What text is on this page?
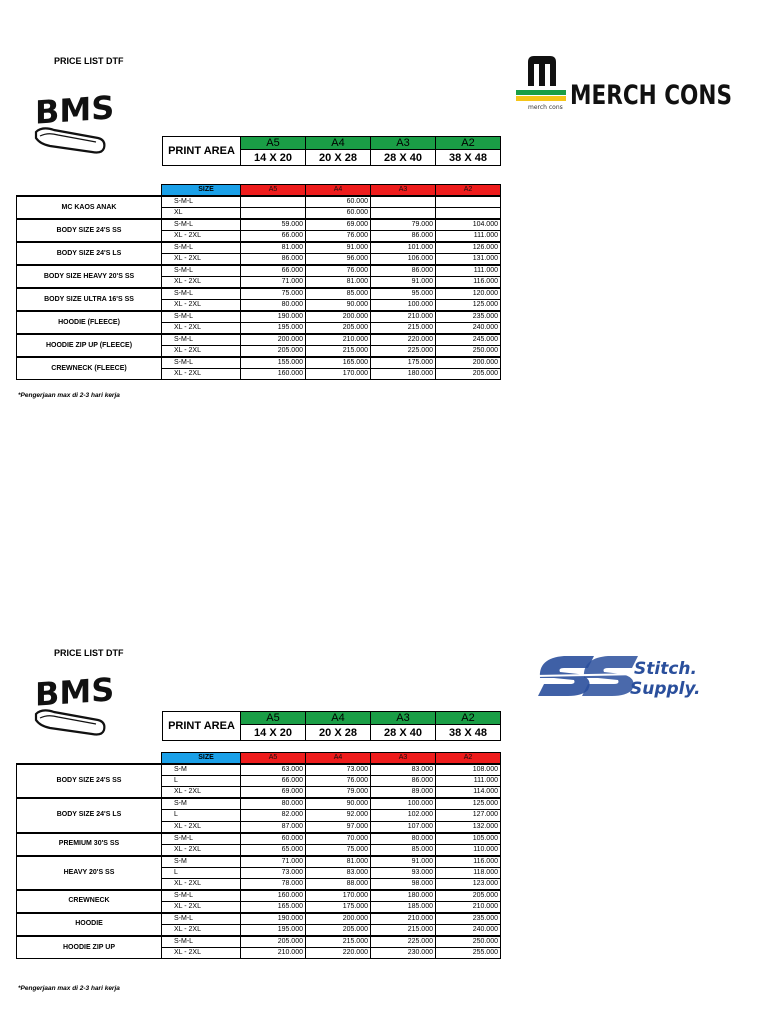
PRICE LIST DTF
BMS	merch cons MERCH CONS
PRINT AREA	A5	A4	A3	A2
	14 X 20	20 X 28	28 X 40	38 X 48
	SIZE	A5	A4	A3	A2
MC KAOS ANAK	S-M-L		60.000		
	XL		60.000		
BODY SIZE 24'S SS	S-M-L	59.000	69.000	79.000	104.000
	XL - 2XL	66.000	76.000	86.000	111.000
BODY SIZE 24'S LS	S-M-L	81.000	91.000	101.000	126.000
	XL - 2XL	86.000	96.000	106.000	131.000
BODY SIZE HEAVY 20'S SS	S-M-L	66.000	76.000	86.000	111.000
	XL - 2XL	71.000	81.000	91.000	116.000
BODY SIZE ULTRA 16'S SS	S-M-L	75.000	85.000	95.000	120.000
	XL - 2XL	80.000	90.000	100.000	125.000
HOODIE (FLEECE)	S-M-L	190.000	200.000	210.000	235.000
	XL - 2XL	195.000	205.000	215.000	240.000
HOODIE ZIP UP (FLEECE)	S-M-L	200.000	210.000	220.000	245.000
	XL - 2XL	205.000	215.000	225.000	250.000
CREWNECK (FLEECE)	S-M-L	155.000	165.000	175.000	200.000
	XL - 2XL	160.000	170.000	180.000	205.000
*Pengerjaan max di 2-3 hari kerja
PRICE LIST DTF
BMS
Stitch.
Supply.
PRINT AREA	A5	A4	A3	A2
	14 X 20	20 X 28	28 X 40	38 X 48
	SIZE	A5	A4	A3	A2
BODY SIZE 24'S SS	S-M	63.000	73.000	83.000	108.000
	L	66.000	76.000	86.000	111.000
	XL - 2XL	69.000	79.000	89.000	114.000
BODY SIZE 24'S LS	S-M	80.000	90.000	100.000	125.000
	L	82.000	92.000	102.000	127.000
	XL - 2XL	87.000	97.000	107.000	132.000
PREMIUM 30'S SS	S-M-L	60.000	70.000	80.000	105.000
	XL - 2XL	65.000	75.000	85.000	110.000
HEAVY 20'S SS	S-M	71.000	81.000	91.000	116.000
	L	73.000	83.000	93.000	118.000
	XL - 2XL	78.000	88.000	98.000	123.000
CREWNECK	S-M-L	160.000	170.000	180.000	205.000
	XL - 2XL	165.000	175.000	185.000	210.000
HOODIE	S-M-L	190.000	200.000	210.000	235.000
	XL - 2XL	195.000	205.000	215.000	240.000
HOODIE ZIP UP	S-M-L	205.000	215.000	225.000	250.000
	XL - 2XL	210.000	220.000	230.000	255.000
*Pengerjaan max di 2-3 hari kerja
